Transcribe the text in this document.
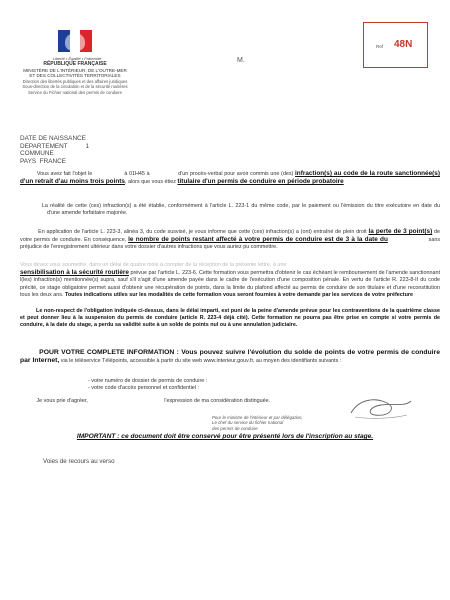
Liberté • Égalité • Fraternité
RÉPUBLIQUE FRANÇAISE
MINISTÈRE DE L'INTÉRIEUR, DE L'OUTRE-MER
ET DES COLLECTIVITÉS TERRITORIALES
Direction des libertés publiques et des affaires juridiques
Sous-direction de la circulation et de la sécurité routières
Service du Fichier national des permis de conduire
M.
Ref 48N
DATE DE NAISSANCE
DEPARTEMENT	1
COMMUNE
PAYS FRANCE
Vous avez fait l'objet le	à 01H45 à	d'un procès-verbal pour avoir commis une (des) infraction(s) au code de la route sanctionnée(s) d'un retrait d'au moins trois points, alors que vous étiez titulaire d'un permis de conduire en période probatoire
La réalité de cette (ces) infraction(s) a été établie, conformément à l'article L. 223-1 du même code, par le paiement ou l'émission du titre exécutoire en date du                   d'une amende forfaitaire majorée.
En application de l'article L. 223-3, alinéa 3, du code susvisé, je vous informe que cette (ces) infraction(s) a (ont) entraîné de plein droit la perte de 3 point(s) de votre permis de conduire. En conséquence, le nombre de points restant affecté à votre permis de conduire est de 3 à la date du	sans préjudice de l'enregistrement ultérieur dans votre dossier d'autres infractions que vous auriez pu commettre.
Vous devez vous soumettre, dans un délai de quatre mois à compter de la réception de la présente lettre, à une
sensibilisation à la sécurité routière prévue par l'article L. 223-6. Cette formation vous permettra d'obtenir le cas échéant le remboursement de l'amende sanctionnant l(les) infraction(s) mentionnée(s) supra, sauf s'il s'agit d'une amende payée dans le cadre de l'exécution d'une composition pénale. En vertu de l'article R. 223-8-II du code précité, ce stage obligatoire permet aussi d'obtenir une récupération de points, dans la limite du plafond affecté au permis de conduire de son titulaire et d'une reconstitution tous les deux ans. Toutes indications utiles sur les modalités de cette formation vous seront fournies à votre demande par les services de votre préfecture
Le non-respect de l'obligation indiquée ci-dessus, dans le délai imparti, est puni de la peine d'amende prévue pour les contraventions de la quatrième classe et peut donner lieu à la suspension du permis de conduire (article R. 223-4 déjà cité). Cette formation ne pourra pas être prise en compte si votre permis de conduire, à la date du stage, a perdu sa validité suite à un solde de points nul ou à une annulation judiciaire.
POUR VOTRE COMPLETE INFORMATION : Vous pouvez suivre l'évolution du solde de points de votre permis de conduire par Internet, via le téléservice Télépoints, accessible à partir du site web www.interieur.gouv.fr, au moyen des identifiants suivants :
- votre numéro de dossier de permis de conduire :
- votre code d'accès personnel et confidentiel :
Je vous prie d'agréer,	l'expression de ma considération distinguée.
Pour le ministre de l'intérieur et par délégation,
Le chef du service du fichier national
des permis de conduire
IMPORTANT : ce document doit être conservé pour être présenté lors de l'inscription au stage.
Voies de recours au verso
